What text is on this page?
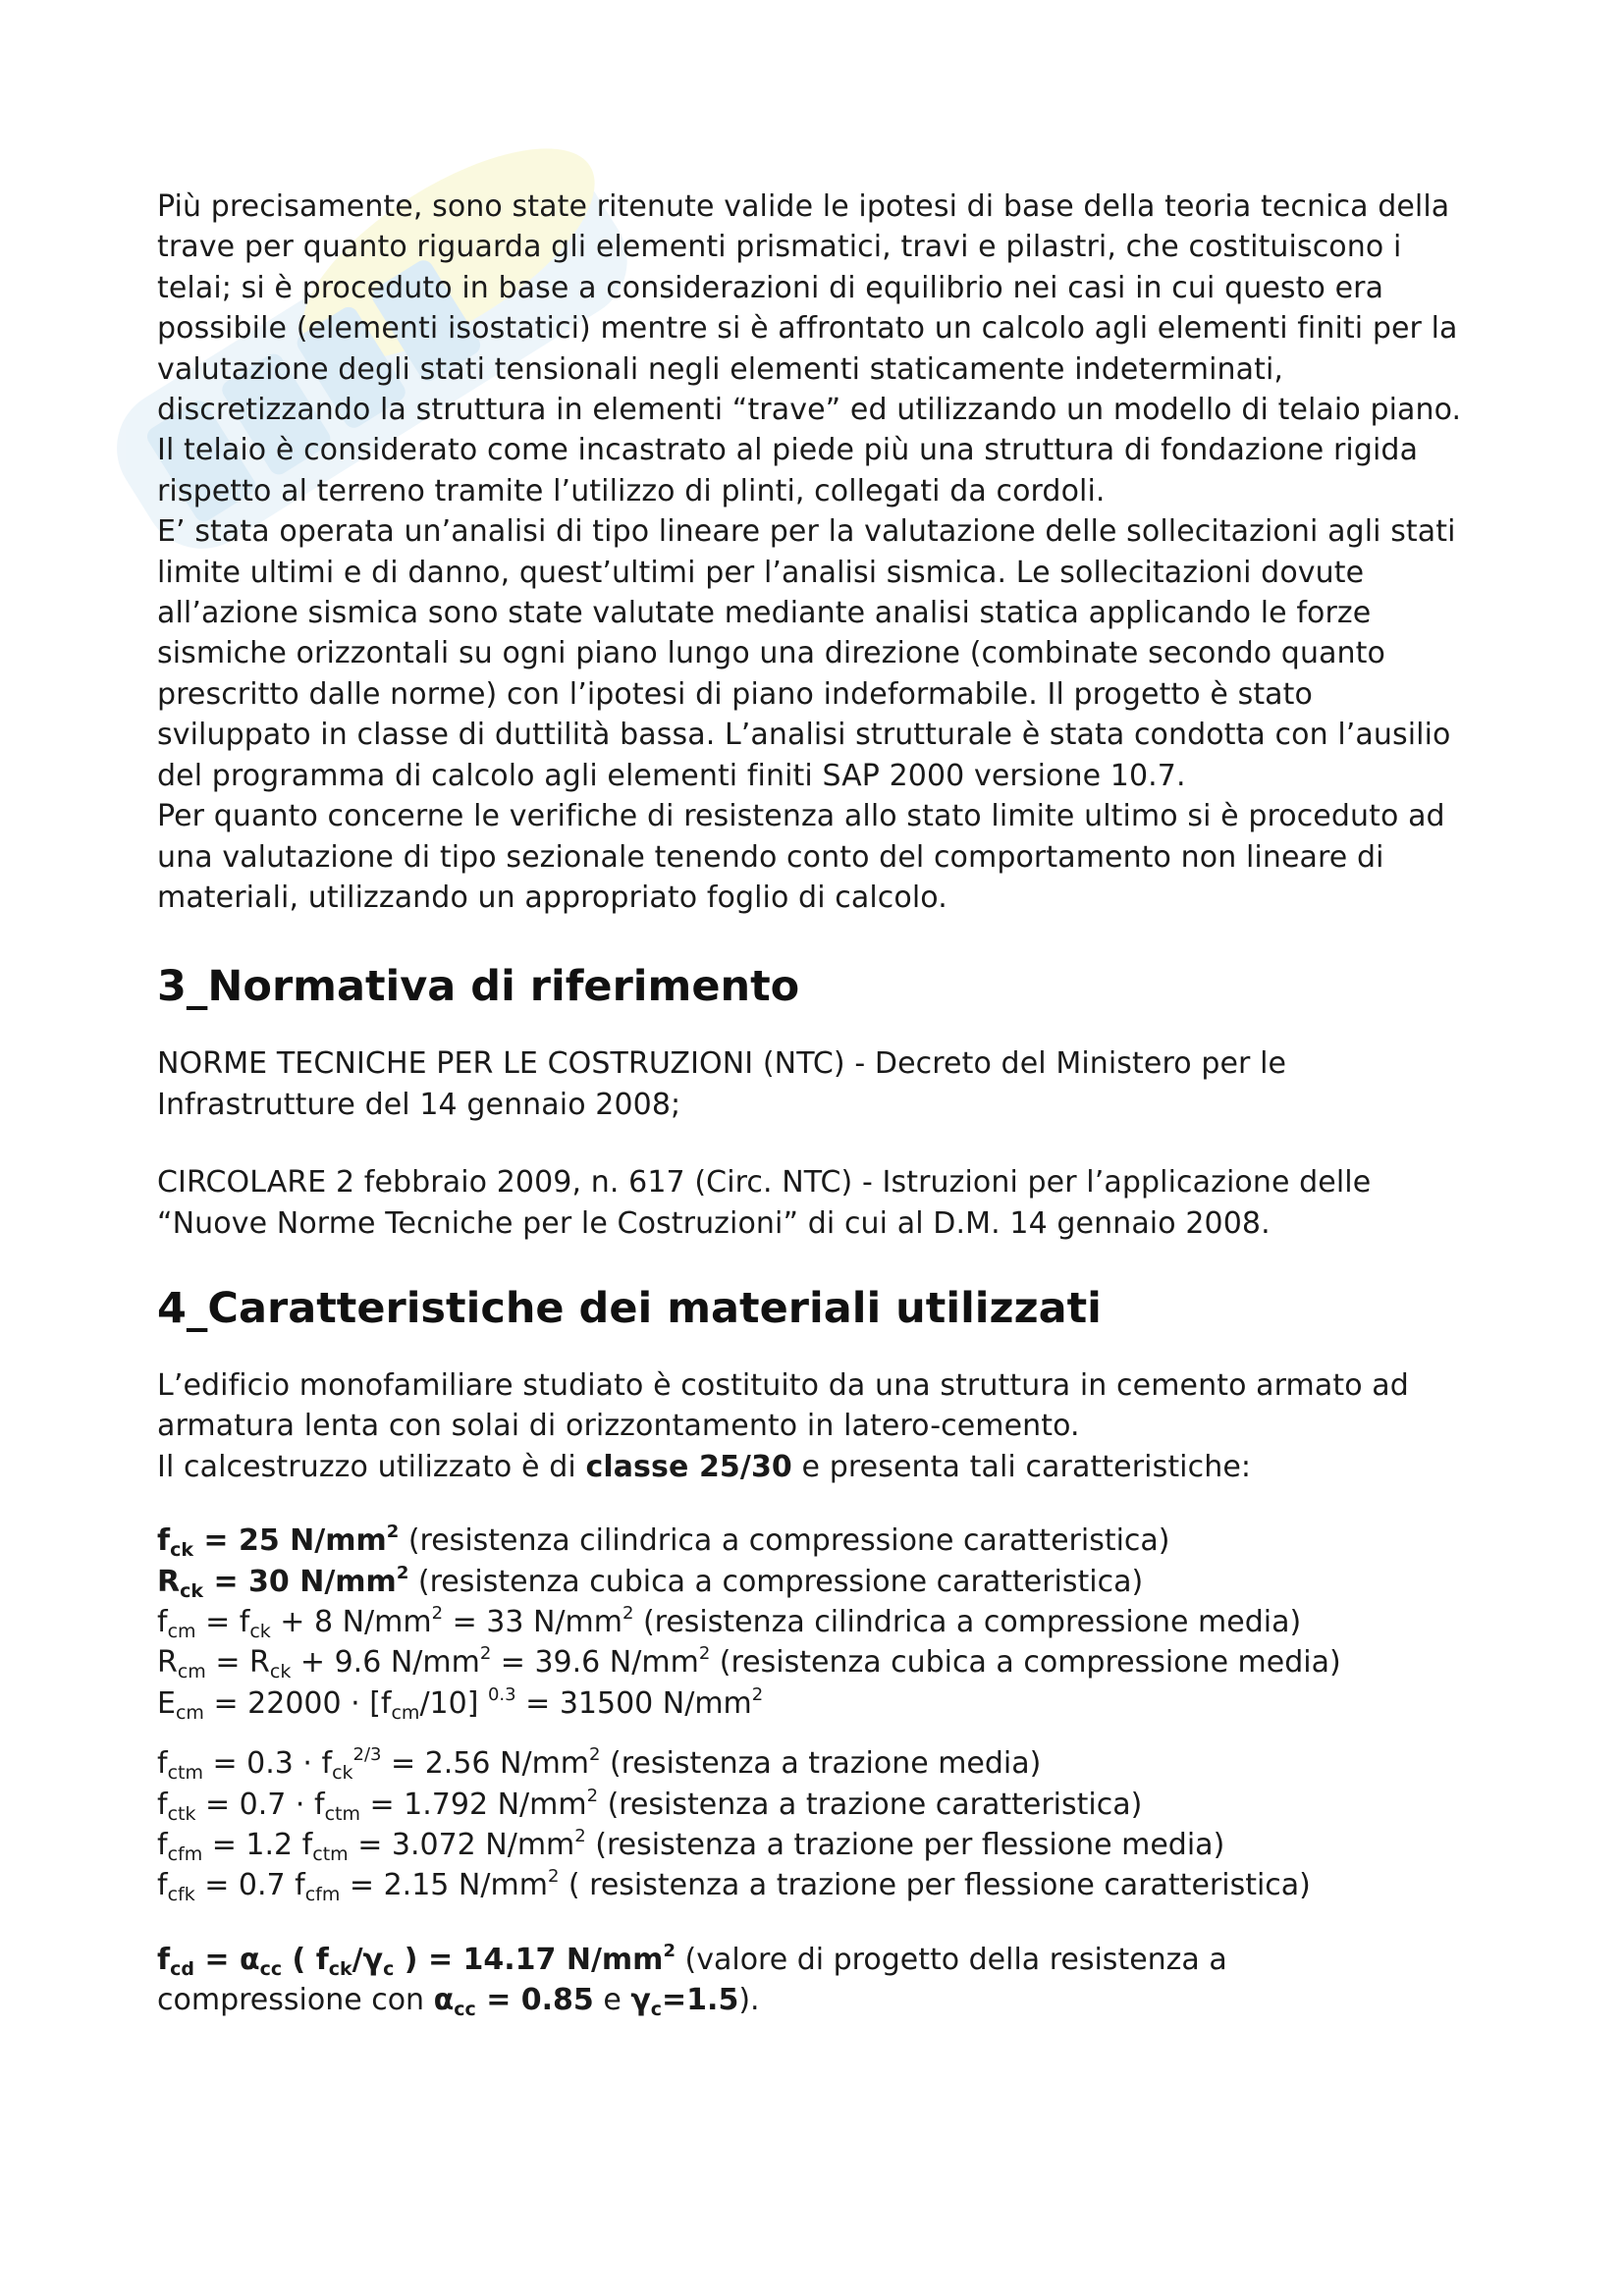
Più precisamente, sono state ritenute valide le ipotesi di base della teoria tecnica della trave per quanto riguarda gli elementi prismatici, travi e pilastri, che costituiscono i telai; si è proceduto in base a considerazioni di equilibrio nei casi in cui questo era possibile (elementi isostatici) mentre si è affrontato un calcolo agli elementi finiti per la valutazione degli stati tensionali negli elementi staticamente indeterminati, discretizzando la struttura in elementi “trave” ed utilizzando un modello di telaio piano. Il telaio è considerato come incastrato al piede più una struttura di fondazione rigida rispetto al terreno tramite l’utilizzo di plinti, collegati da cordoli.

E’ stata operata un’analisi di tipo lineare per la valutazione delle sollecitazioni agli stati limite ultimi e di danno, quest’ultimi per l’analisi sismica. Le sollecitazioni dovute all’azione sismica sono state valutate mediante analisi statica applicando le forze sismiche orizzontali su ogni piano lungo una direzione (combinate secondo quanto prescritto dalle norme) con l’ipotesi di piano indeformabile. Il progetto è stato sviluppato in classe di duttilità bassa. L’analisi strutturale è stata condotta con l’ausilio del programma di calcolo agli elementi finiti SAP 2000 versione 10.7.

Per quanto concerne le verifiche di resistenza allo stato limite ultimo si è proceduto ad una valutazione di tipo sezionale tenendo conto del comportamento non lineare di materiali, utilizzando un appropriato foglio di calcolo.

3_Normativa di riferimento

NORME TECNICHE PER LE COSTRUZIONI (NTC) - Decreto del Ministero per le Infrastrutture del 14 gennaio 2008;

CIRCOLARE 2 febbraio 2009, n. 617 (Circ. NTC) - Istruzioni per l’applicazione delle “Nuove Norme Tecniche per le Costruzioni” di cui al D.M. 14 gennaio 2008.

4_Caratteristiche dei materiali utilizzati

L’edificio monofamiliare studiato è costituito da una struttura in cemento armato ad armatura lenta con solai di orizzontamento in latero-cemento.

Il calcestruzzo utilizzato è di classe 25/30 e presenta tali caratteristiche:

$f_{ck} = 25$ $N/mm^2$ (resistenza cilindrica a compressione caratteristica)
$R_{ck} = 30$ $N/mm^2$ (resistenza cubica a compressione caratteristica)
$f_{cm} = f_{ck} + 8$ $N/mm^2 = 33$ $N/mm^2$ (resistenza cilindrica a compressione media)
$R_{cm} = R_{ck} + 9.6$ $N/mm^2 = 39.6$ $N/mm^2$ (resistenza cubica a compressione media)
$E_{cm} = 22000 \cdot [f_{cm}/10] ^{0.3} = 31500$ $N/mm^2$
$f_{ctm} = 0.3 \cdot f_{ck}^{2/3} = 2.56$ $N/mm^2$ (resistenza a trazione media)
$f_{ctk} = 0.7 \cdot f_{ctm} = 1.792$ $N/mm^2$ (resistenza a trazione caratteristica)
$f_{cfm} = 1.2$ $f_{ctm} = 3.072$ $N/mm^2$ (resistenza a trazione per flessione media)
$f_{cfk} = 0.7$ $f_{cfm} = 2.15$ $N/mm^2$ ( resistenza a trazione per flessione caratteristica)
$f_{cd} = \alpha_{cc}$ ( $f_{ck}/\gamma_c$ ) = 14.17 $N/mm^2$ (valore di progetto della resistenza a
compressione con $\alpha_{cc} = 0.85$ e $\gamma_c=1.5$).
